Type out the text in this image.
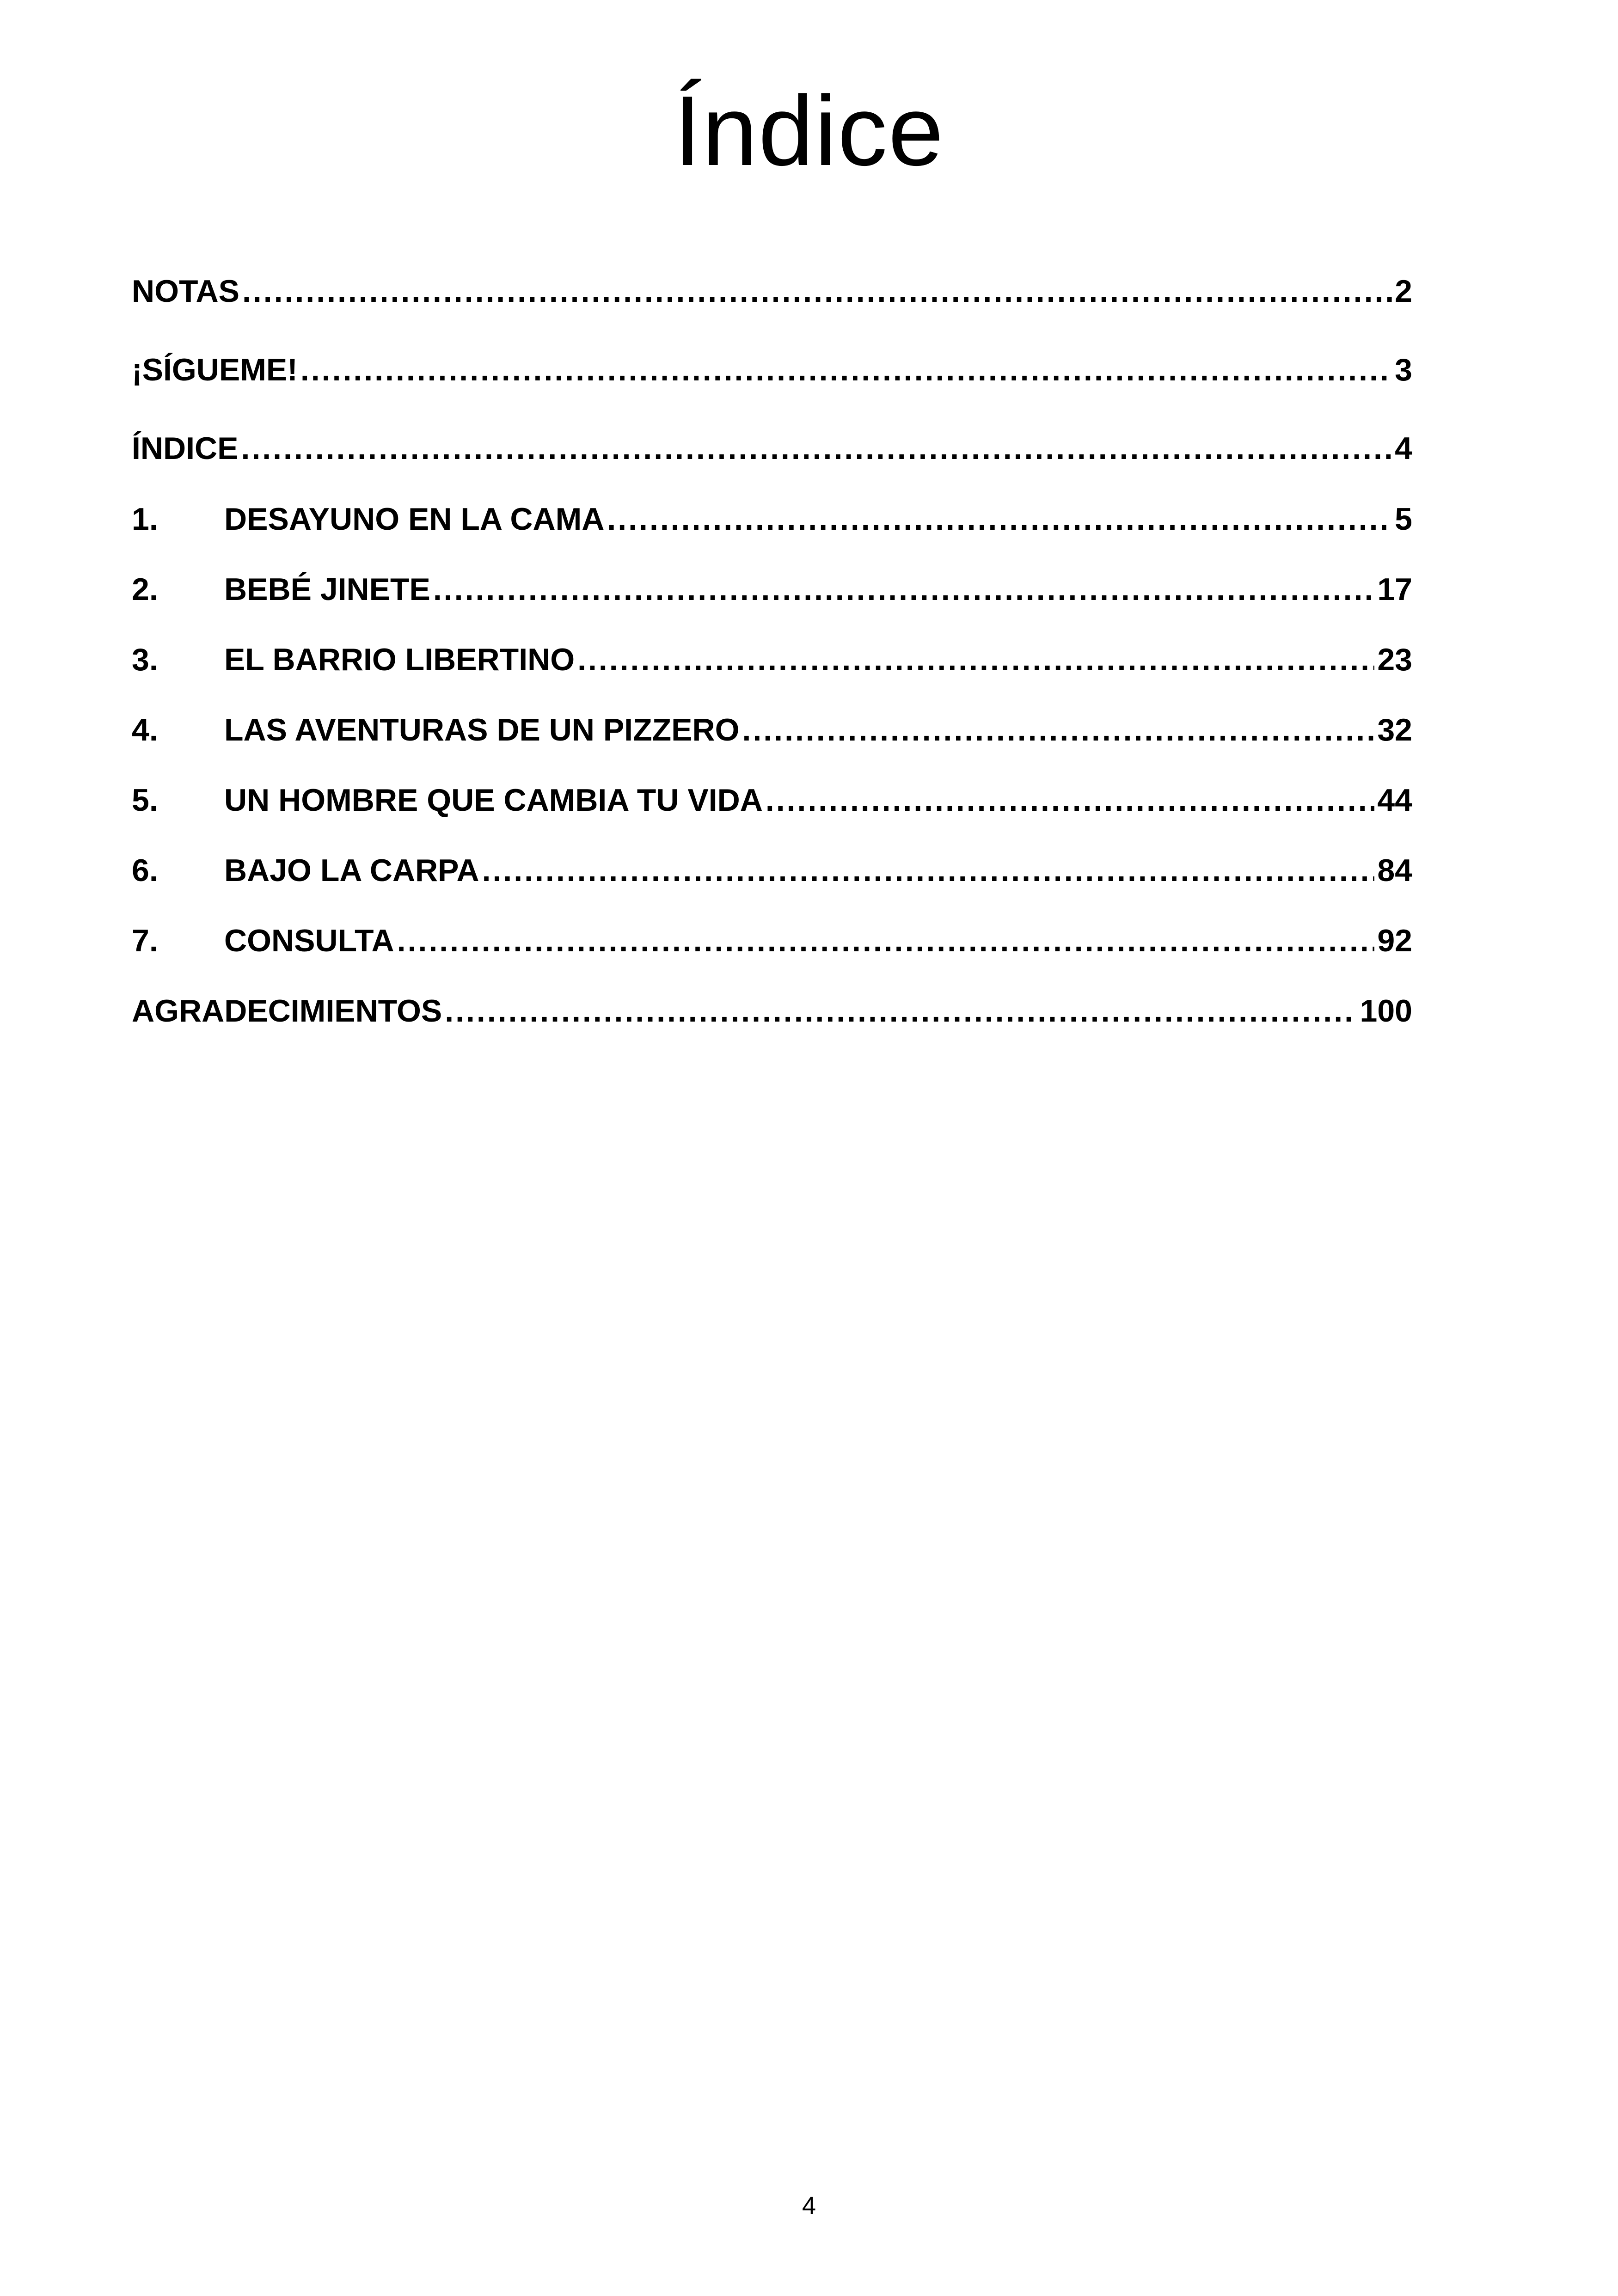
Índice
NOTAS .....	2
¡SÍGUEME! .....	3
ÍNDICE .....	4
1.	DESAYUNO EN LA CAMA .....	5
2.	BEBÉ JINETE .....	17
3.	EL BARRIO LIBERTINO .....	23
4.	LAS AVENTURAS DE UN PIZZERO .....	32
5.	UN HOMBRE QUE CAMBIA TU VIDA .....	44
6.	BAJO LA CARPA .....	84
7.	CONSULTA .....	92
AGRADECIMIENTOS .....	100
4
